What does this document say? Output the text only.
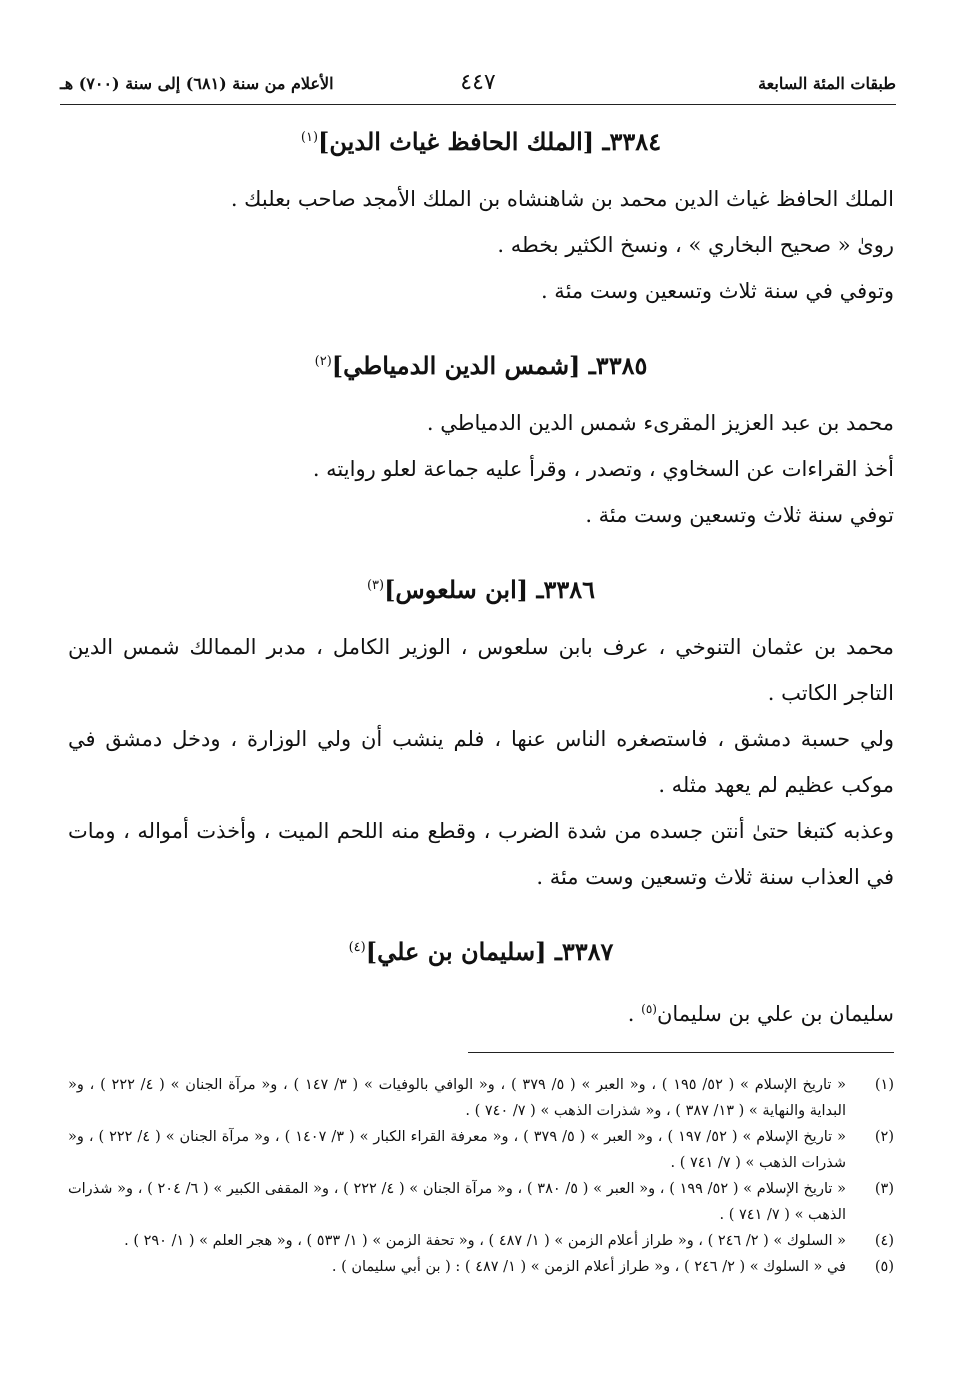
طبقات المئة السابعة
٤٤٧
الأعلام من سنة (٦٨١) إلى سنة (٧٠٠) هـ
٣٣٨٤ـ [الملك الحافظ غياث الدين]$^{(١)}$

الملك الحافظ غياث الدين محمد بن شاهنشاه بن الملك الأمجد صاحب بعلبك .

روىٰ « صحيح البخاري » ، ونسخ الكثير بخطه .

وتوفي في سنة ثلاث وتسعين وست مئة .

٣٣٨٥ـ [شمس الدين الدمياطي]$^{(٢)}$

محمد بن عبد العزيز المقرىء شمس الدين الدمياطي .

أخذ القراءات عن السخاوي ، وتصدر ، وقرأ عليه جماعة لعلو روايته .

توفي سنة ثلاث وتسعين وست مئة .

٣٣٨٦ـ [ابن سلعوس]$^{(٣)}$

محمد بن عثمان التنوخي ، عرف بابن سلعوس ، الوزير الكامل ، مدبر الممالك شمس الدين التاجر الكاتب .

ولي حسبة دمشق ، فاستصغره الناس عنها ، فلم ينشب أن ولي الوزارة ، ودخل دمشق في موكب عظيم لم يعهد مثله .

وعذبه كتبغا حتىٰ أنتن جسده من شدة الضرب ، وقطع منه اللحم الميت ، وأخذت أمواله ، ومات في العذاب سنة ثلاث وتسعين وست مئة .

٣٣٨٧ـ [سليمان بن علي]$^{(٤)}$

سليمان بن علي بن سليمان$^{(٥)}$ .

(١)
« تاريخ الإسلام » ( ٥٢/ ١٩٥ ) ، و« العبر » ( ٥/ ٣٧٩ ) ، و« الوافي بالوفيات » ( ٣/ ١٤٧ ) ، و« مرآة الجنان » ( ٤/ ٢٢٢ ) ، و« البداية والنهاية » ( ١٣/ ٣٨٧ ) ، و« شذرات الذهب » ( ٧/ ٧٤٠ ) .
(٢)
« تاريخ الإسلام » ( ٥٢/ ١٩٧ ) ، و« العبر » ( ٥/ ٣٧٩ ) ، و« معرفة القراء الكبار » ( ٣/ ١٤٠٧ ) ، و« مرآة الجنان » ( ٤/ ٢٢٢ ) ، و« شذرات الذهب » ( ٧/ ٧٤١ ) .
(٣)
« تاريخ الإسلام » ( ٥٢/ ١٩٩ ) ، و« العبر » ( ٥/ ٣٨٠ ) ، و« مرآة الجنان » ( ٤/ ٢٢٢ ) ، و« المقفى الكبير » ( ٦/ ٢٠٤ ) ، و« شذرات الذهب » ( ٧/ ٧٤١ ) .
(٤)
« السلوك » ( ٢/ ٢٤٦ ) ، و« طراز أعلام الزمن » ( ١/ ٤٨٧ ) ، و« تحفة الزمن » ( ١/ ٥٣٣ ) ، و« هجر العلم » ( ١/ ٢٩٠ ) .
(٥)
في « السلوك » ( ٢/ ٢٤٦ ) ، و« طراز أعلام الزمن » ( ١/ ٤٨٧ ) : ( بن أبي سليمان ) .
